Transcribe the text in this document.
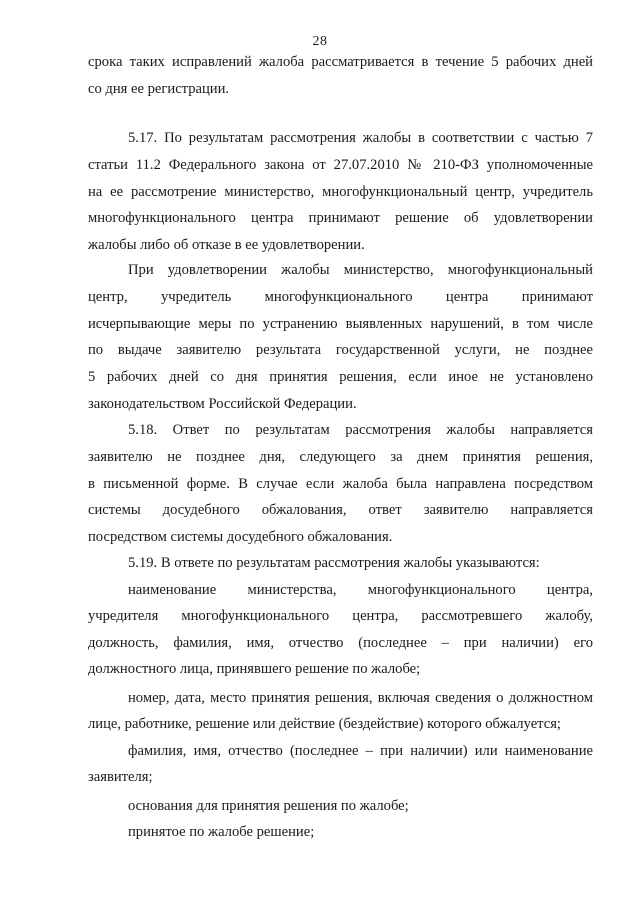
28
срока таких исправлений жалоба рассматривается в течение 5 рабочих дней
со дня ее регистрации.
5.17. По результатам рассмотрения жалобы в соответствии с частью 7
статьи 11.2 Федерального закона от 27.07.2010 № 210-ФЗ уполномоченные
на ее рассмотрение министерство, многофункциональный центр, учредитель
многофункционального центра принимают решение об удовлетворении
жалобы либо об отказе в ее удовлетворении.
При удовлетворении жалобы министерство, многофункциональный
центр, учредитель многофункционального центра принимают
исчерпывающие меры по устранению выявленных нарушений, в том числе
по выдаче заявителю результата государственной услуги, не позднее
5 рабочих дней со дня принятия решения, если иное не установлено
законодательством Российской Федерации.
5.18. Ответ по результатам рассмотрения жалобы направляется
заявителю не позднее дня, следующего за днем принятия решения,
в письменной форме. В случае если жалоба была направлена посредством
системы досудебного обжалования, ответ заявителю направляется
посредством системы досудебного обжалования.
5.19. В ответе по результатам рассмотрения жалобы указываются:
наименование министерства, многофункционального центра,
учредителя многофункционального центра, рассмотревшего жалобу,
должность, фамилия, имя, отчество (последнее – при наличии) его
должностного лица, принявшего решение по жалобе;
номер, дата, место принятия решения, включая сведения о должностном
лице, работнике, решение или действие (бездействие) которого обжалуется;
фамилия, имя, отчество (последнее – при наличии) или наименование
заявителя;
основания для принятия решения по жалобе;
принятое по жалобе решение;
